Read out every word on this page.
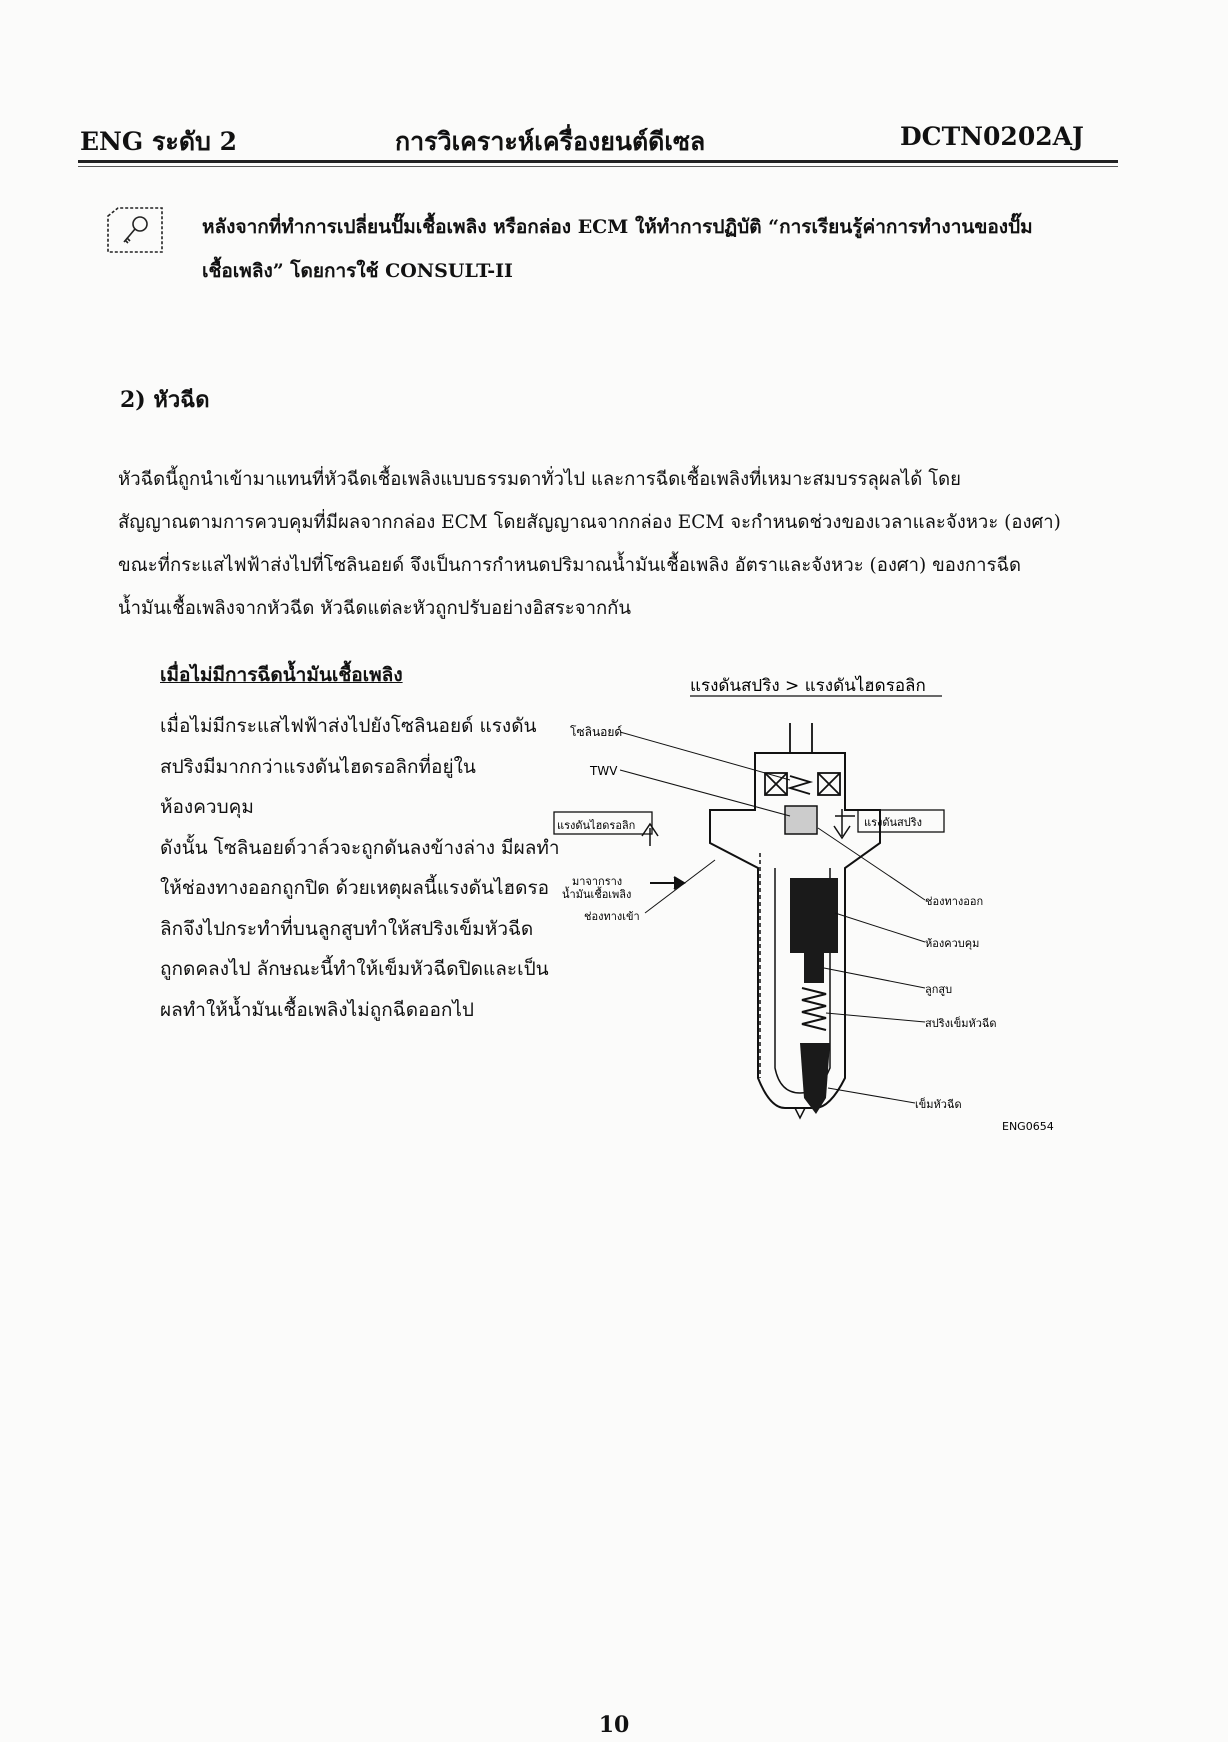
ENG ระดับ 2	การวิเคราะห์เครื่องยนต์ดีเซล	DCTN0202AJ
หลังจากที่ทำการเปลี่ยนปั๊มเชื้อเพลิง หรือกล่อง ECM ให้ทำการปฏิบัติ “การเรียนรู้ค่าการทำงานของปั๊ม
เชื้อเพลิง” โดยการใช้ CONSULT-II
2) หัวฉีด

หัวฉีดนี้ถูกนำเข้ามาแทนที่หัวฉีดเชื้อเพลิงแบบธรรมดาทั่วไป และการฉีดเชื้อเพลิงที่เหมาะสมบรรลุผลได้ โดย

สัญญาณตามการควบคุมที่มีผลจากกล่อง ECM โดยสัญญาณจากกล่อง ECM จะกำหนดช่วงของเวลาและจังหวะ (องศา)

ขณะที่กระแสไฟฟ้าส่งไปที่โซลินอยด์ จึงเป็นการกำหนดปริมาณน้ำมันเชื้อเพลิง อัตราและจังหวะ (องศา) ของการฉีด

น้ำมันเชื้อเพลิงจากหัวฉีด หัวฉีดแต่ละหัวถูกปรับอย่างอิสระจากกัน

เมื่อไม่มีการฉีดน้ำมันเชื้อเพลิง

เมื่อไม่มีกระแสไฟฟ้าส่งไปยังโซลินอยด์ แรงดัน

สปริงมีมากกว่าแรงดันไฮดรอลิกที่อยู่ใน

ห้องควบคุม

ดังนั้น โซลินอยด์วาล์วจะถูกดันลงข้างล่าง มีผลทำ

ให้ช่องทางออกถูกปิด ด้วยเหตุผลนี้แรงดันไฮดรอ

ลิกจึงไปกระทำที่บนลูกสูบทำให้สปริงเข็มหัวฉีด

ถูกดคลงไป ลักษณะนี้ทำให้เข็มหัวฉีดปิดและเป็น

ผลทำให้น้ำมันเชื้อเพลิงไม่ถูกฉีดออกไป

แรงดันสปริง > แรงดันไฮดรอลิก
แรงดันไฮดรอลิก	แรงดันสปริง
โซลินอยด์
TWV
มาจากราง น้ำมันเชื้อเพลิง
ช่องทางเข้า
ช่องทางออก
ห้องควบคุม
ลูกสูบ
สปริงเข็มหัวฉีด
เข็มหัวฉีด
ENG0654
10
